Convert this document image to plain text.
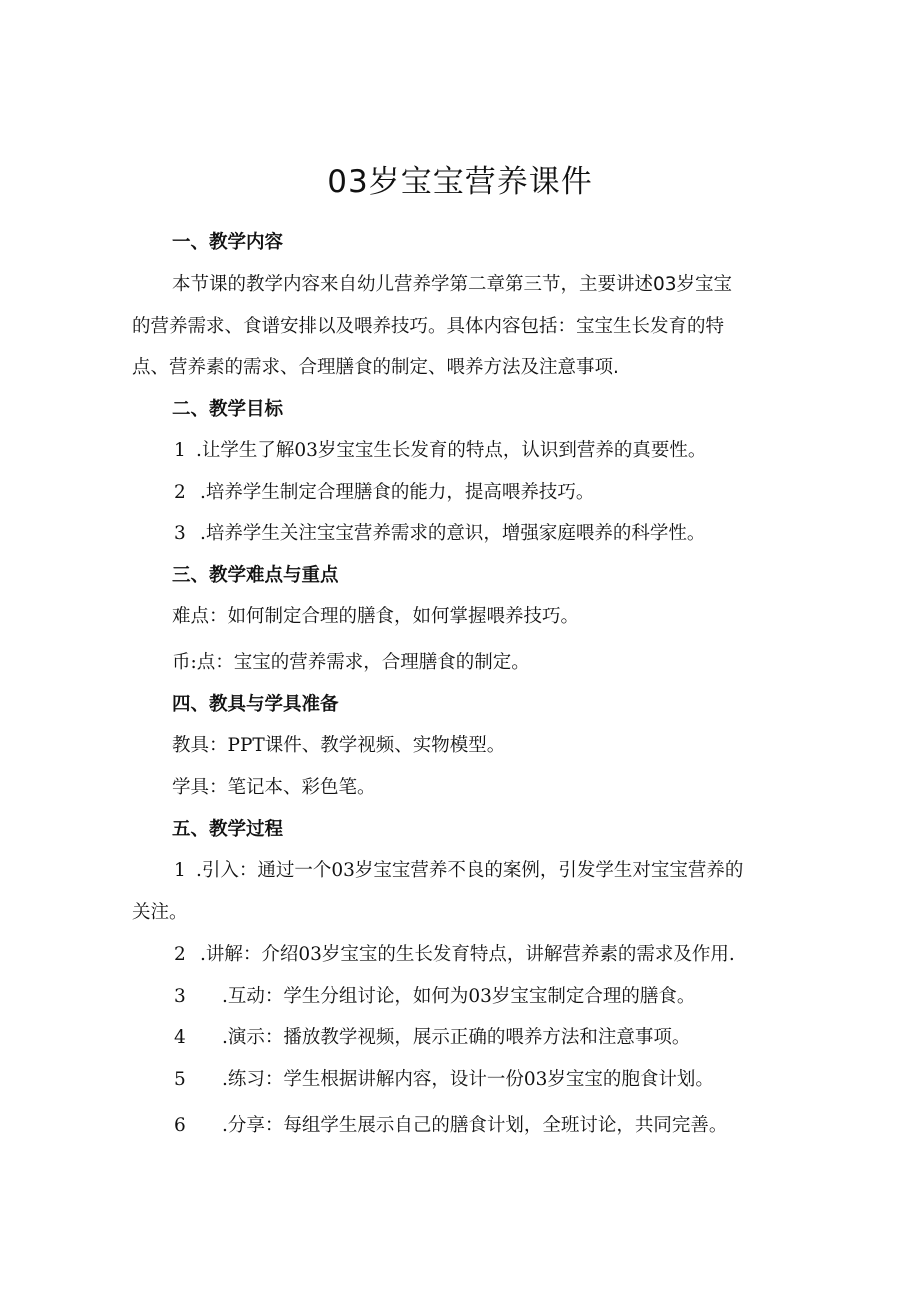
03岁宝宝营养课件

一、教学内容

本节课的教学内容来自幼儿营养学第二章第三节，主要讲述03岁宝宝

的营养需求、食谱安排以及喂养技巧。具体内容包括：宝宝生长发育的特

点、营养素的需求、合理膳食的制定、喂养方法及注意事项.

二、教学目标

1 .让学生了解03岁宝宝生长发育的特点，认识到营养的真要性。

2 .培养学生制定合理膳食的能力，提高喂养技巧。

3 .培养学生关注宝宝营养需求的意识，增强家庭喂养的科学性。

三、教学难点与重点

难点：如何制定合理的膳食，如何掌握喂养技巧。

币:点：宝宝的营养需求，合理膳食的制定。

四、教具与学具准备

教具：PPT课件、教学视频、实物模型。

学具：笔记本、彩色笔。

五、教学过程

1 .引入：通过一个03岁宝宝营养不良的案例，引发学生对宝宝营养的

关注。

2 .讲解：介绍03岁宝宝的生长发育特点，讲解营养素的需求及作用.

3 .互动：学生分组讨论，如何为03岁宝宝制定合理的膳食。

4 .演示：播放教学视频，展示正确的喂养方法和注意事项。

5 .练习：学生根据讲解内容，设计一份03岁宝宝的胞食计划。

6 .分享：每组学生展示自己的膳食计划，全班讨论，共同完善。
